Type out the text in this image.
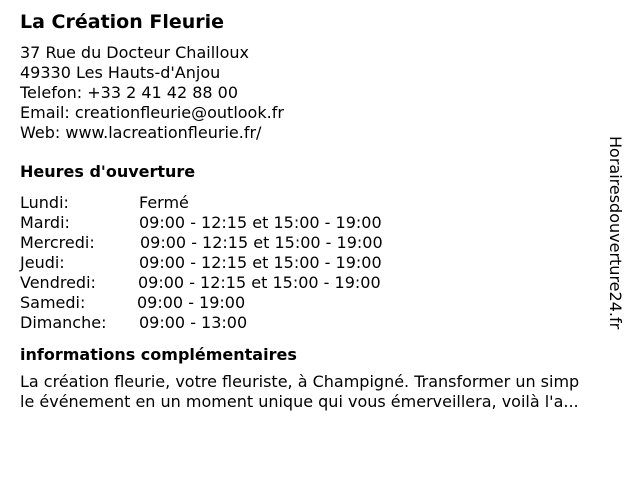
La Création Fleurie
37 Rue du Docteur Chailloux
49330 Les Hauts-d'Anjou
Telefon: +33 2 41 42 88 00
Email: creationfleurie@outlook.fr
Web: www.lacreationfleurie.fr/
Heures d'ouverture
Lundi:	Fermé
Mardi:	09:00 - 12:15 et 15:00 - 19:00
Mercredi:	09:00 - 12:15 et 15:00 - 19:00
Jeudi:	09:00 - 12:15 et 15:00 - 19:00
Vendredi:	09:00 - 12:15 et 15:00 - 19:00
Samedi:	09:00 - 19:00
Dimanche: 09:00 - 13:00
informations complémentaires
La création fleurie, votre fleuriste, à Champigné. Transformer un simp
le événement en un moment unique qui vous émerveillera, voilà l'a...
Horairesdouverture24.fr
